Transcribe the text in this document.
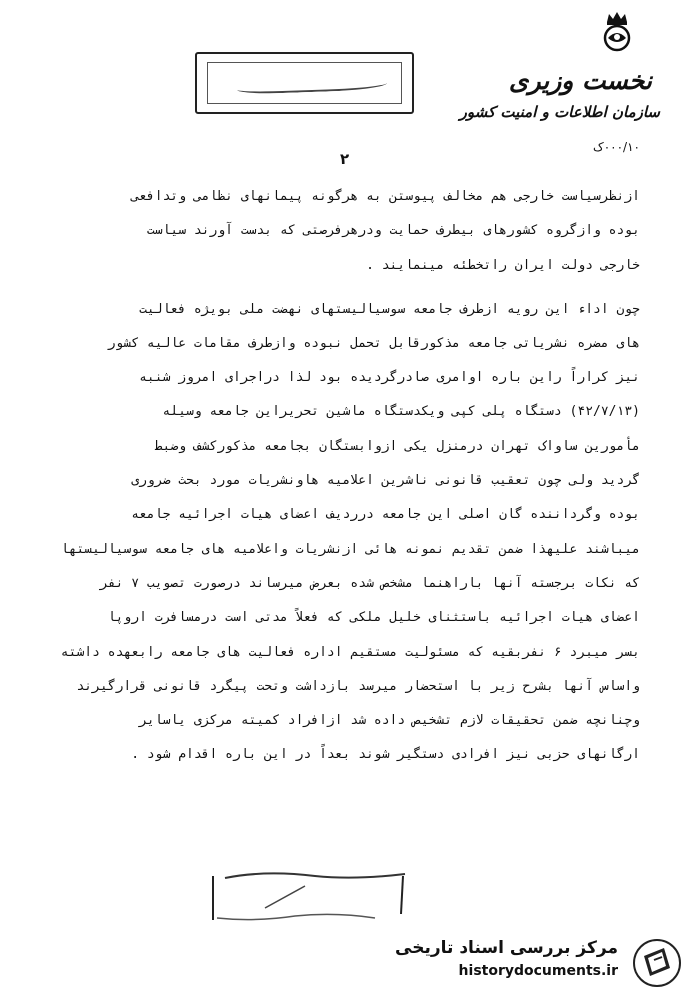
نخست وزیری
سازمان اطلاعات و امنیت کشور
۰۰۰/۱۰ک
۲
ازنظرسیاست خارجی هم مخالف پیوستن به هرگونه پیمانهای نظامی وتدافعی
بوده وازگروه کشورهای بیطرف حمایت ودرهرفرصتی که بدست آورند سیاست
خارجی دولت ایران راتخطئه مینمایند .
چون اداء این رویه ازطرف جامعه سوسیالیستهای نهضت ملی بویژه فعالیت
های مضره نشریاتی جامعه مذکورقابل تحمل نبوده وازطرف مقامات عالیه کشور
نیز کراراً راین باره اوامری صادرگردیده بود لذا دراجرای امروز شنبه
(۴۲/۷/۱۳) دستگاه پلی کپی ویکدستگاه ماشین تحریراین جامعه وسیله
مأمورین ساواک تهران درمنزل یکی ازوابستگان بجامعه مذکورکشف وضبط
گردید ولی چون تعقیب قانونی ناشرین اعلامیه هاونشریات مورد بحث ضروری
بوده وگرداننده گان اصلی این جامعه درردیف اعضای هیات اجرائیه جامعه
میباشند علیهذا ضمن تقدیم نمونه هائی ازنشریات واعلامیه های جامعه سوسیالیستها
که نکات برجسته آنها باراهنما مشخص شده بعرض میرساند درصورت تصویب ۷ نفر
اعضای هیات اجرائیه باستثنای خلیل ملکی که فعلاً مدتی است درمسافرت اروپا
بسر میبرد ۶ نفربقیه که مسئولیت مستقیم اداره فعالیت های جامعه رابعهده داشته
واساس آنها بشرح زیر با استحضار میرسد بازداشت وتحت پیگرد قانونی قرارگیرند
وچنانچه ضمن تحقیقات لازم تشخیص داده شد ازافراد کمیته مرکزی یاسایر
ارگانهای حزبی نیز افرادی دستگیر شوند بعداً در این باره اقدام شود .
مرکز بررسی اسناد تاریخی
historydocuments.ir
